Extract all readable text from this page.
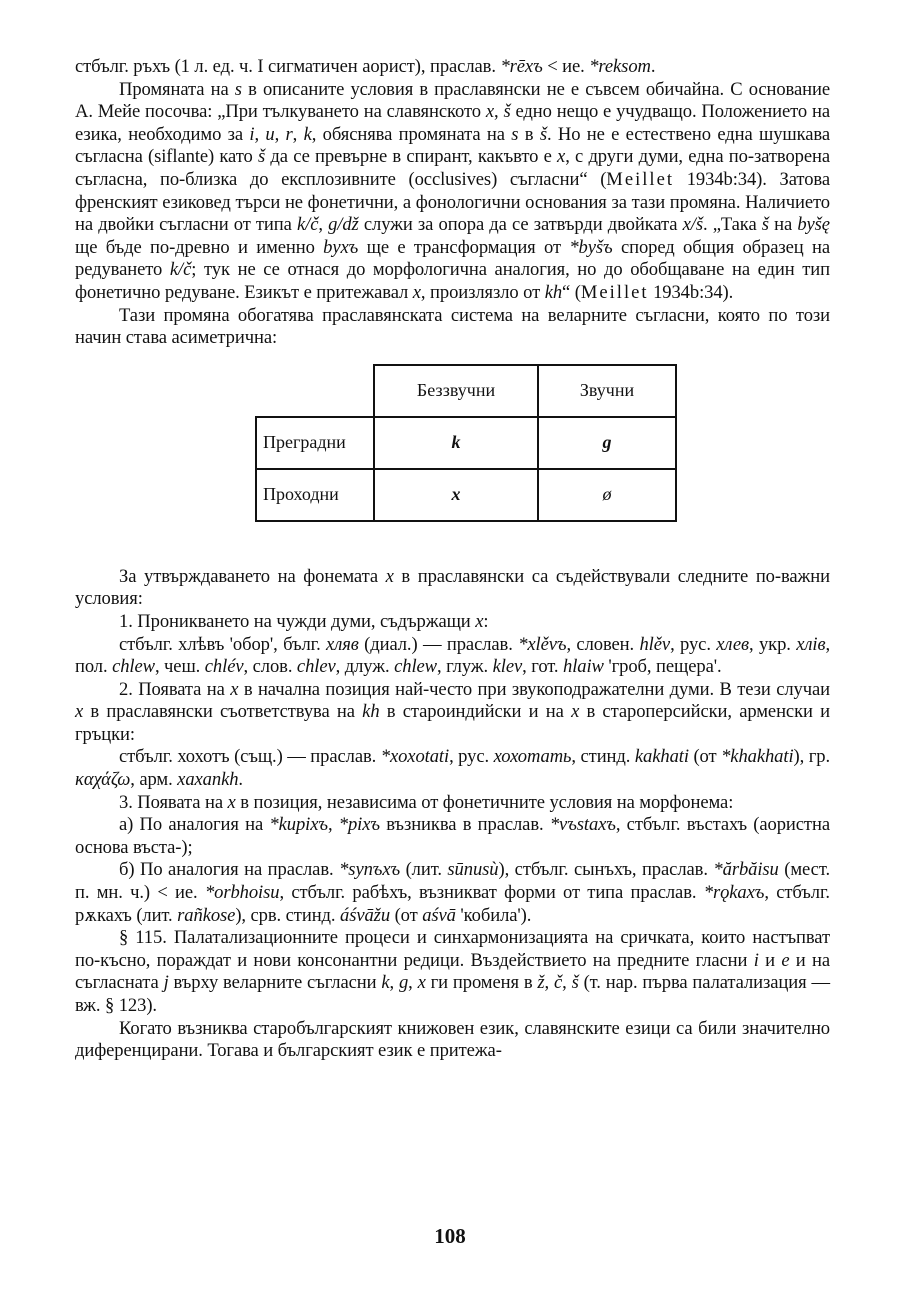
стбълг. ръхъ (1 л. ед. ч. I сигматичен аорист), праслав. *rēxъ < ие. *reksom.

Промяната на s в описаните условия в праславянски не е съвсем обичайна. С основание А. Мейе посочва: „При тълкуването на славянското x, š едно нещо е учудващо. Положението на езика, необходимо за i, u, r, k, обяснява промяната на s в š. Но не е естествено една шушкава съгласна (siflante) като š да се превърне в спирант, какъвто е x, с други думи, една по-затворена съгласна, по-близка до експлозивните (occlusives) съгласни“ (Meillet 1934b:34). Затова френският езиковед търси не фонетични, а фонологични основания за тази промяна. Наличието на двойки съгласни от типа k/č, g/dž служи за опора да се затвърди двойката x/š. „Така š на byšę ще бъде по-древно и именно byxъ ще е трансформация от *byšъ според общия образец на редуването k/č; тук не се отнася до морфологична аналогия, но до обобщаване на един тип фонетично редуване. Езикът е притежавал x, произлязло от kh“ (Meillet 1934b:34).

Тази промяна обогатява праславянската система на веларните съгласни, която по този начин става асиметрична:

	Беззвучни	Звучни
Преградни	k	g
Проходни	x	ø

За утвърждаването на фонемата x в праславянски са съдействували следните по-важни условия:

1. Проникването на чужди думи, съдържащи x:

стбълг. хлѣвъ 'обор', бълг. хляв (диал.) — праслав. *xlěvъ, словен. hlěv, рус. хлев, укр. хлів, пол. chlew, чеш. chlév, слов. chlev, длуж. chlew, глуж. klev, гот. hlaiw 'гроб, пещера'.

2. Появата на x в начална позиция най-често при звукоподражателни думи. В тези случаи x в праславянски съответствува на kh в староиндийски и на x в староперсийски, арменски и гръцки:

стбълг. хохотъ (същ.) — праслав. *xoxotati, рус. хохотать, стинд. kakhati (от *khakhati), гр. καχάζω, арм. xaxankh.

3. Появата на x в позиция, независима от фонетичните условия на морфонема:

а) По аналогия на *kupixъ, *pixъ възниква в праслав. *vъstaxъ, стбълг. въстахъ (аористна основа въста-);

б) По аналогия на праслав. *synъxъ (лит. sūnusù), стбълг. сынъхъ, праслав. *ărbăisu (мест. п. мн. ч.) < ие. *orbhoisu, стбълг. рабѣхъ, възникват форми от типа праслав. *rǫkaxъ, стбълг. рѫкахъ (лит. rañkose), срв. стинд. áśvāžu (от aśvā 'кобила').

§ 115. Палатализационните процеси и синхармонизацията на сричката, които настъпват по-късно, пораждат и нови консонантни редици. Въздействието на предните гласни i и e и на съгласната j върху веларните съгласни k, g, x ги променя в ž, č, š (т. нар. първа палатализация — вж. § 123).

Когато възниква старобългарският книжовен език, славянските езици са били значително диференцирани. Тогава и българският език е притежа-

108
